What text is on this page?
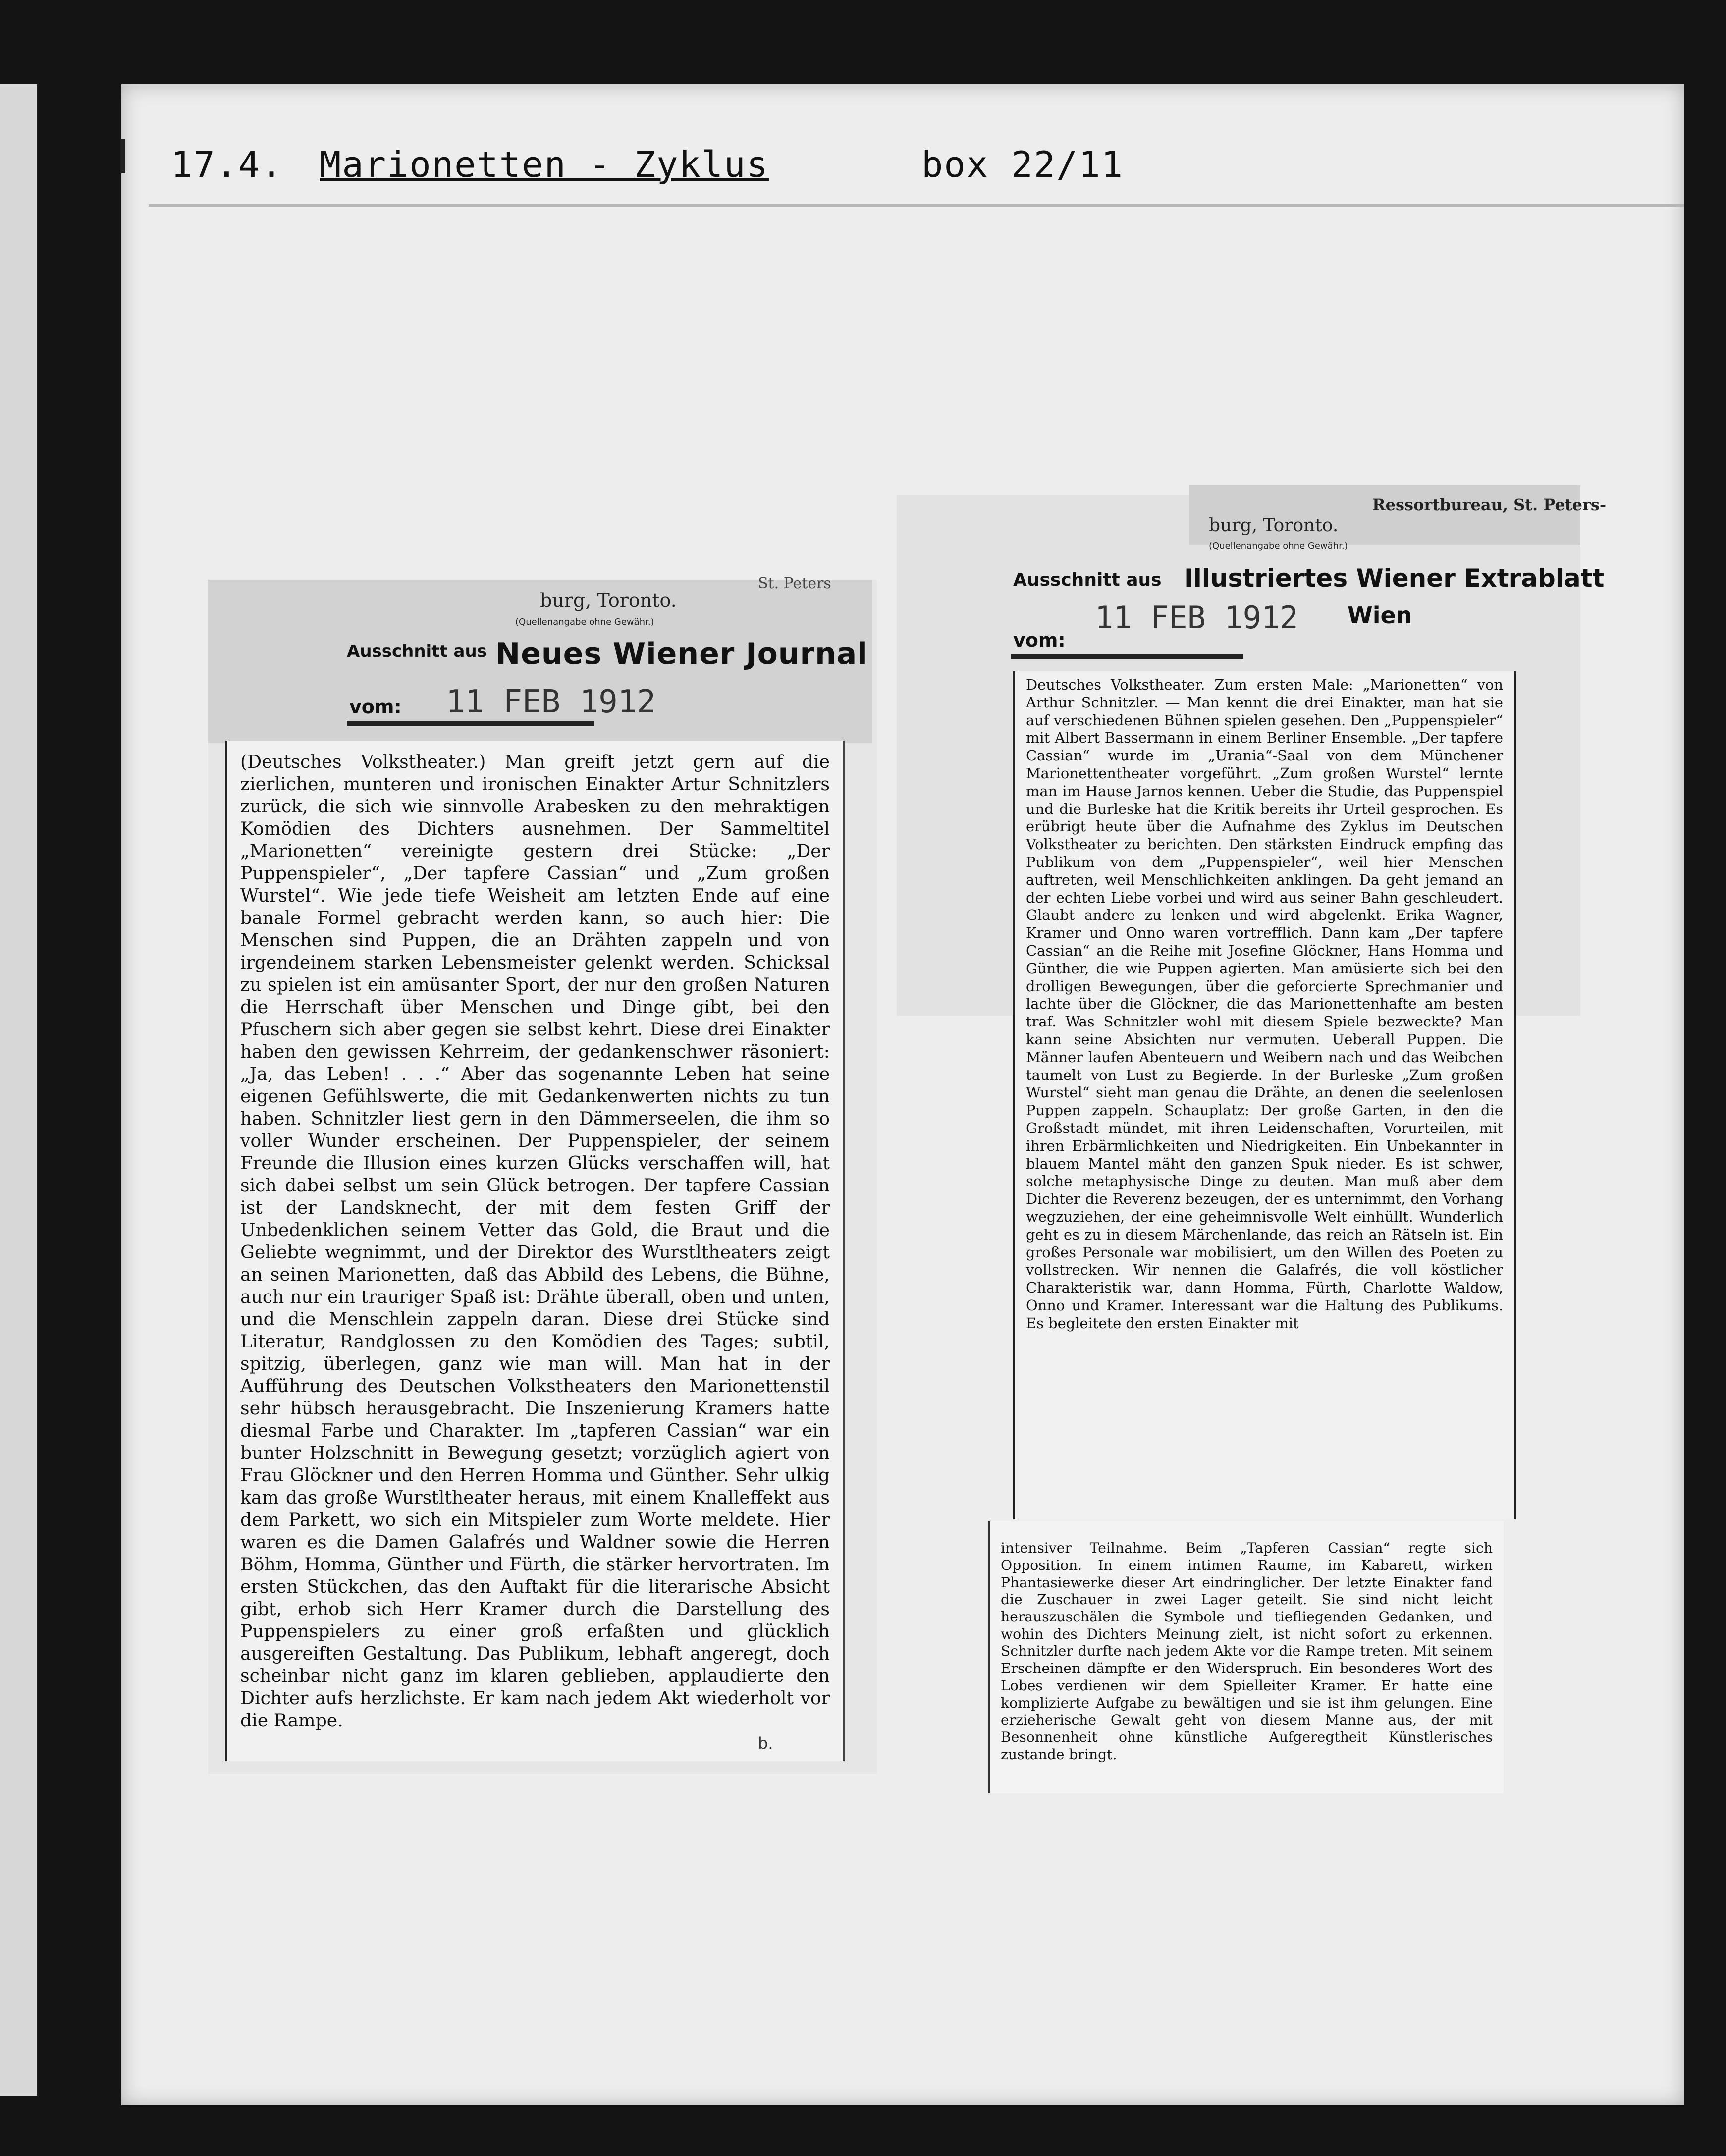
17.4. Marionetten - Zyklus	box 22/11
St. Peters
burg, Toronto.
(Quellenangabe ohne Gewähr.)
Ausschnitt aus Neues Wiener Journal
vom: 11 FEB 1912

(Deutsches Volkstheater.) Man greift jetzt gern auf die zierlichen, munteren und ironischen Einakter Artur Schnitzlers zurück, die sich wie sinnvolle Arabesken zu den mehraktigen Komödien des Dichters ausnehmen. Der Sammeltitel „Marionetten“ vereinigte gestern drei Stücke: „Der Puppenspieler“, „Der tapfere Cassian“ und „Zum großen Wurstel“. Wie jede tiefe Weisheit am letzten Ende auf eine banale Formel gebracht werden kann, so auch hier: Die Menschen sind Puppen, die an Drähten zappeln und von irgendeinem starken Lebensmeister gelenkt werden. Schicksal zu spielen ist ein amüsanter Sport, der nur den großen Naturen die Herrschaft über Menschen und Dinge gibt, bei den Pfuschern sich aber gegen sie selbst kehrt. Diese drei Einakter haben den gewissen Kehrreim, der gedankenschwer räsoniert: „Ja, das Leben! . . .“ Aber das sogenannte Leben hat seine eigenen Gefühlswerte, die mit Gedankenwerten nichts zu tun haben. Schnitzler liest gern in den Dämmerseelen, die ihm so voller Wunder erscheinen. Der Puppenspieler, der seinem Freunde die Illusion eines kurzen Glücks verschaffen will, hat sich dabei selbst um sein Glück betrogen. Der tapfere Cassian ist der Landsknecht, der mit dem festen Griff der Unbedenklichen seinem Vetter das Gold, die Braut und die Geliebte wegnimmt, und der Direktor des Wurstltheaters zeigt an seinen Marionetten, daß das Abbild des Lebens, die Bühne, auch nur ein trauriger Spaß ist: Drähte überall, oben und unten, und die Menschlein zappeln daran. Diese drei Stücke sind Literatur, Randglossen zu den Komödien des Tages; subtil, spitzig, überlegen, ganz wie man will. Man hat in der Aufführung des Deutschen Volkstheaters den Marionettenstil sehr hübsch herausgebracht. Die Inszenierung Kramers hatte diesmal Farbe und Charakter. Im „tapferen Cassian“ war ein bunter Holzschnitt in Bewegung gesetzt; vorzüglich agiert von Frau Glöckner und den Herren Homma und Günther. Sehr ulkig kam das große Wurstltheater heraus, mit einem Knalleffekt aus dem Parkett, wo sich ein Mitspieler zum Worte meldete. Hier waren es die Damen Galafrés und Waldner sowie die Herren Böhm, Homma, Günther und Fürth, die stärker hervortraten. Im ersten Stückchen, das den Auftakt für die literarische Absicht gibt, erhob sich Herr Kramer durch die Darstellung des Puppenspielers zu einer groß erfaßten und glücklich ausgereiften Gestaltung. Das Publikum, lebhaft angeregt, doch scheinbar nicht ganz im klaren geblieben, applaudierte den Dichter aufs herzlichste. Er kam nach jedem Akt wiederholt vor die Rampe.

b.
Ressortbureau, St. Peters-
burg, Toronto.
(Quellenangabe ohne Gewähr.)
Ausschnitt aus Illustriertes Wiener Extrablatt
11 FEB 1912 Wien
vom:

Deutsches Volkstheater. Zum ersten Male: „Marionetten“ von Arthur Schnitzler. — Man kennt die drei Einakter, man hat sie auf verschiedenen Bühnen spielen gesehen. Den „Puppenspieler“ mit Albert Bassermann in einem Berliner Ensemble. „Der tapfere Cassian“ wurde im „Urania“-Saal von dem Münchener Marionettentheater vorgeführt. „Zum großen Wurstel“ lernte man im Hause Jarnos kennen. Ueber die Studie, das Puppenspiel und die Burleske hat die Kritik bereits ihr Urteil gesprochen. Es erübrigt heute über die Aufnahme des Zyklus im Deutschen Volkstheater zu berichten. Den stärksten Eindruck empfing das Publikum von dem „Puppenspieler“, weil hier Menschen auftreten, weil Menschlichkeiten anklingen. Da geht jemand an der echten Liebe vorbei und wird aus seiner Bahn geschleudert. Glaubt andere zu lenken und wird abgelenkt. Erika Wagner, Kramer und Onno waren vortrefflich. Dann kam „Der tapfere Cassian“ an die Reihe mit Josefine Glöckner, Hans Homma und Günther, die wie Puppen agierten. Man amüsierte sich bei den drolligen Bewegungen, über die geforcierte Sprechmanier und lachte über die Glöckner, die das Marionettenhafte am besten traf. Was Schnitzler wohl mit diesem Spiele bezweckte? Man kann seine Absichten nur vermuten. Ueberall Puppen. Die Männer laufen Abenteuern und Weibern nach und das Weibchen taumelt von Lust zu Begierde. In der Burleske „Zum großen Wurstel“ sieht man genau die Drähte, an denen die seelenlosen Puppen zappeln. Schauplatz: Der große Garten, in den die Großstadt mündet, mit ihren Leidenschaften, Vorurteilen, mit ihren Erbärmlichkeiten und Niedrigkeiten. Ein Unbekannter in blauem Mantel mäht den ganzen Spuk nieder. Es ist schwer, solche metaphysische Dinge zu deuten. Man muß aber dem Dichter die Reverenz bezeugen, der es unternimmt, den Vorhang wegzuziehen, der eine geheimnisvolle Welt einhüllt. Wunderlich geht es zu in diesem Märchenlande, das reich an Rätseln ist. Ein großes Personale war mobilisiert, um den Willen des Poeten zu vollstrecken. Wir nennen die Galafrés, die voll köstlicher Charakteristik war, dann Homma, Fürth, Charlotte Waldow, Onno und Kramer. Interessant war die Haltung des Publikums. Es begleitete den ersten Einakter mit

intensiver Teilnahme. Beim „Tapferen Cassian“ regte sich Opposition. In einem intimen Raume, im Kabarett, wirken Phantasiewerke dieser Art eindringlicher. Der letzte Einakter fand die Zuschauer in zwei Lager geteilt. Sie sind nicht leicht herauszuschälen die Symbole und tiefliegenden Gedanken, und wohin des Dichters Meinung zielt, ist nicht sofort zu erkennen. Schnitzler durfte nach jedem Akte vor die Rampe treten. Mit seinem Erscheinen dämpfte er den Widerspruch. Ein besonderes Wort des Lobes verdienen wir dem Spielleiter Kramer. Er hatte eine komplizierte Aufgabe zu bewältigen und sie ist ihm gelungen. Eine erzieherische Gewalt geht von diesem Manne aus, der mit Besonnenheit ohne künstliche Aufgeregtheit Künstlerisches zustande bringt.
